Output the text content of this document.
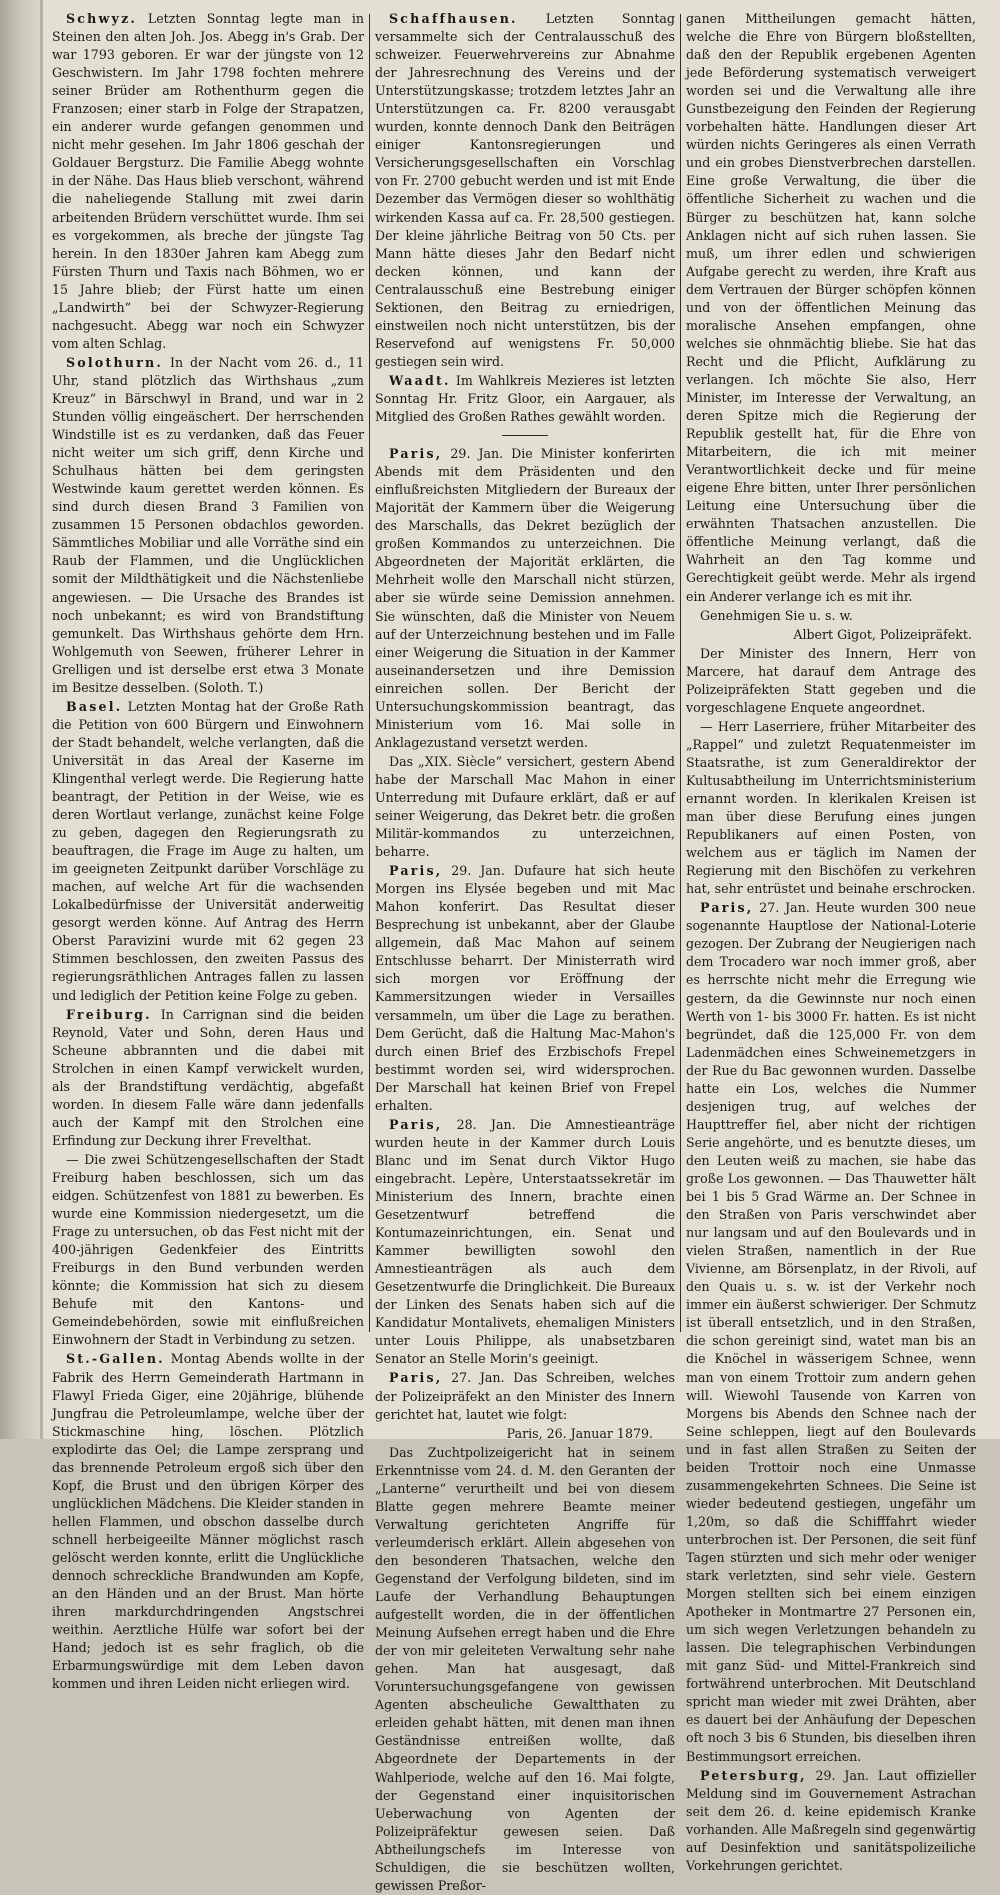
Schwyz. Letzten Sonntag legte man in Steinen den alten Joh. Jos. Abegg in's Grab. Der war 1793 geboren. Er war der jüngste von 12 Geschwistern. Im Jahr 1798 fochten mehrere seiner Brüder am Rothenthurm gegen die Franzosen; einer starb in Folge der Strapatzen, ein anderer wurde gefangen genommen und nicht mehr gesehen. Im Jahr 1806 geschah der Goldauer Bergsturz. Die Familie Abegg wohnte in der Nähe. Das Haus blieb verschont, während die naheliegende Stallung mit zwei darin arbeitenden Brüdern verschüttet wurde. Ihm sei es vorgekommen, als breche der jüngste Tag herein. In den 1830er Jahren kam Abegg zum Fürsten Thurn und Taxis nach Böhmen, wo er 15 Jahre blieb; der Fürst hatte um einen „Landwirth“ bei der Schwyzer-Regierung nachgesucht. Abegg war noch ein Schwyzer vom alten Schlag.

Solothurn. In der Nacht vom 26. d., 11 Uhr, stand plötzlich das Wirthshaus „zum Kreuz“ in Bärschwyl in Brand, und war in 2 Stunden völlig eingeäschert. Der herrschenden Windstille ist es zu verdanken, daß das Feuer nicht weiter um sich griff, denn Kirche und Schulhaus hätten bei dem geringsten Westwinde kaum gerettet werden können. Es sind durch diesen Brand 3 Familien von zusammen 15 Personen obdachlos geworden. Sämmtliches Mobiliar und alle Vorräthe sind ein Raub der Flammen, und die Unglücklichen somit der Mildthätigkeit und die Nächstenliebe angewiesen. — Die Ursache des Brandes ist noch unbekannt; es wird von Brandstiftung gemunkelt. Das Wirthshaus gehörte dem Hrn. Wohlgemuth von Seewen, früherer Lehrer in Grelligen und ist derselbe erst etwa 3 Monate im Besitze desselben. (Soloth. T.)

Basel. Letzten Montag hat der Große Rath die Petition von 600 Bürgern und Einwohnern der Stadt behandelt, welche verlangten, daß die Universität in das Areal der Kaserne im Klingenthal verlegt werde. Die Regierung hatte beantragt, der Petition in der Weise, wie es deren Wortlaut verlange, zunächst keine Folge zu geben, dagegen den Regierungsrath zu beauftragen, die Frage im Auge zu halten, um im geeigneten Zeitpunkt darüber Vorschläge zu machen, auf welche Art für die wachsenden Lokalbedürfnisse der Universität anderweitig gesorgt werden könne. Auf Antrag des Herrn Oberst Paravizini wurde mit 62 gegen 23 Stimmen beschlossen, den zweiten Passus des regierungsräthlichen Antrages fallen zu lassen und lediglich der Petition keine Folge zu geben.

Freiburg. In Carrignan sind die beiden Reynold, Vater und Sohn, deren Haus und Scheune abbrannten und die dabei mit Strolchen in einen Kampf verwickelt wurden, als der Brandstiftung verdächtig, abgefaßt worden. In diesem Falle wäre dann jedenfalls auch der Kampf mit den Strolchen eine Erfindung zur Deckung ihrer Frevelthat.

— Die zwei Schützengesellschaften der Stadt Freiburg haben beschlossen, sich um das eidgen. Schützenfest von 1881 zu bewerben. Es wurde eine Kommission niedergesetzt, um die Frage zu untersuchen, ob das Fest nicht mit der 400-jährigen Gedenkfeier des Eintritts Freiburgs in den Bund verbunden werden könnte; die Kommission hat sich zu diesem Behufe mit den Kantons- und Gemeindebehörden, sowie mit einflußreichen Einwohnern der Stadt in Verbindung zu setzen.

St.-Gallen. Montag Abends wollte in der Fabrik des Herrn Gemeinderath Hartmann in Flawyl Frieda Giger, eine 20jährige, blühende Jungfrau die Petroleumlampe, welche über der Stickmaschine hing, löschen. Plötzlich explodirte das Oel; die Lampe zersprang und das brennende Petroleum ergoß sich über den Kopf, die Brust und den übrigen Körper des unglücklichen Mädchens. Die Kleider standen in hellen Flammen, und obschon dasselbe durch schnell herbeigeeilte Männer möglichst rasch gelöscht werden konnte, erlitt die Unglückliche dennoch schreckliche Brandwunden am Kopfe, an den Händen und an der Brust. Man hörte ihren markdurchdringenden Angstschrei weithin. Aerztliche Hülfe war sofort bei der Hand; jedoch ist es sehr fraglich, ob die Erbarmungswürdige mit dem Leben davon kommen und ihren Leiden nicht erliegen wird.

Schaffhausen. Letzten Sonntag versammelte sich der Centralausschuß des schweizer. Feuerwehrvereins zur Abnahme der Jahresrechnung des Vereins und der Unterstützungskasse; trotzdem letztes Jahr an Unterstützungen ca. Fr. 8200 verausgabt wurden, konnte dennoch Dank den Beiträgen einiger Kantonsregierungen und Versicherungsgesellschaften ein Vorschlag von Fr. 2700 gebucht werden und ist mit Ende Dezember das Vermögen dieser so wohlthätig wirkenden Kassa auf ca. Fr. 28,500 gestiegen. Der kleine jährliche Beitrag von 50 Cts. per Mann hätte dieses Jahr den Bedarf nicht decken können, und kann der Centralausschuß eine Bestrebung einiger Sektionen, den Beitrag zu erniedrigen, einstweilen noch nicht unterstützen, bis der Reservefond auf wenigstens Fr. 50,000 gestiegen sein wird.

Waadt. Im Wahlkreis Mezieres ist letzten Sonntag Hr. Fritz Gloor, ein Aargauer, als Mitglied des Großen Rathes gewählt worden.

Paris, 29. Jan. Die Minister konferirten Abends mit dem Präsidenten und den einflußreichsten Mitgliedern der Bureaux der Majorität der Kammern über die Weigerung des Marschalls, das Dekret bezüglich der großen Kommandos zu unterzeichnen. Die Abgeordneten der Majorität erklärten, die Mehrheit wolle den Marschall nicht stürzen, aber sie würde seine Demission annehmen. Sie wünschten, daß die Minister von Neuem auf der Unterzeichnung bestehen und im Falle einer Weigerung die Situation in der Kammer auseinandersetzen und ihre Demission einreichen sollen. Der Bericht der Untersuchungskommission beantragt, das Ministerium vom 16. Mai solle in Anklagezustand versetzt werden.

Das „XIX. Siècle“ versichert, gestern Abend habe der Marschall Mac Mahon in einer Unterredung mit Dufaure erklärt, daß er auf seiner Weigerung, das Dekret betr. die großen Militär-kommandos zu unterzeichnen, beharre.

Paris, 29. Jan. Dufaure hat sich heute Morgen ins Elysée begeben und mit Mac Mahon konferirt. Das Resultat dieser Besprechung ist unbekannt, aber der Glaube allgemein, daß Mac Mahon auf seinem Entschlusse beharrt. Der Ministerrath wird sich morgen vor Eröffnung der Kammersitzungen wieder in Versailles versammeln, um über die Lage zu berathen. Dem Gerücht, daß die Haltung Mac-Mahon's durch einen Brief des Erzbischofs Frepel bestimmt worden sei, wird widersprochen. Der Marschall hat keinen Brief von Frepel erhalten.

Paris, 28. Jan. Die Amnestieanträge wurden heute in der Kammer durch Louis Blanc und im Senat durch Viktor Hugo eingebracht. Lepère, Unterstaatssekretär im Ministerium des Innern, brachte einen Gesetzentwurf betreffend die Kontumazeinrichtungen, ein. Senat und Kammer bewilligten sowohl den Amnestieanträgen als auch dem Gesetzentwurfe die Dringlichkeit. Die Bureaux der Linken des Senats haben sich auf die Kandidatur Montalivets, ehemaligen Ministers unter Louis Philippe, als unabsetzbaren Senator an Stelle Morin's geeinigt.

Paris, 27. Jan. Das Schreiben, welches der Polizeipräfekt an den Minister des Innern gerichtet hat, lautet wie folgt:

Paris, 26. Januar 1879.

Das Zuchtpolizeigericht hat in seinem Erkenntnisse vom 24. d. M. den Geranten der „Lanterne“ verurtheilt und bei von diesem Blatte gegen mehrere Beamte meiner Verwaltung gerichteten Angriffe für verleumderisch erklärt. Allein abgesehen von den besonderen Thatsachen, welche den Gegenstand der Verfolgung bildeten, sind im Laufe der Verhandlung Behauptungen aufgestellt worden, die in der öffentlichen Meinung Aufsehen erregt haben und die Ehre der von mir geleiteten Verwaltung sehr nahe gehen. Man hat ausgesagt, daß Voruntersuchungsgefangene von gewissen Agenten abscheuliche Gewaltthaten zu erleiden gehabt hätten, mit denen man ihnen Geständnisse entreißen wollte, daß Abgeordnete der Departements in der Wahlperiode, welche auf den 16. Mai folgte, der Gegenstand einer inquisitorischen Ueberwachung von Agenten der Polizeipräfektur gewesen seien. Daß Abtheilungschefs im Interesse von Schuldigen, die sie beschützen wollten, gewissen Preßor-

ganen Mittheilungen gemacht hätten, welche die Ehre von Bürgern bloßstellten, daß den der Republik ergebenen Agenten jede Beförderung systematisch verweigert worden sei und die Verwaltung alle ihre Gunstbezeigung den Feinden der Regierung vorbehalten hätte. Handlungen dieser Art würden nichts Geringeres als einen Verrath und ein grobes Dienstverbrechen darstellen. Eine große Verwaltung, die über die öffentliche Sicherheit zu wachen und die Bürger zu beschützen hat, kann solche Anklagen nicht auf sich ruhen lassen. Sie muß, um ihrer edlen und schwierigen Aufgabe gerecht zu werden, ihre Kraft aus dem Vertrauen der Bürger schöpfen können und von der öffentlichen Meinung das moralische Ansehen empfangen, ohne welches sie ohnmächtig bliebe. Sie hat das Recht und die Pflicht, Aufklärung zu verlangen. Ich möchte Sie also, Herr Minister, im Interesse der Verwaltung, an deren Spitze mich die Regierung der Republik gestellt hat, für die Ehre von Mitarbeitern, die ich mit meiner Verantwortlichkeit decke und für meine eigene Ehre bitten, unter Ihrer persönlichen Leitung eine Untersuchung über die erwähnten Thatsachen anzustellen. Die öffentliche Meinung verlangt, daß die Wahrheit an den Tag komme und Gerechtigkeit geübt werde. Mehr als irgend ein Anderer verlange ich es mit ihr.

Genehmigen Sie u. s. w.

Albert Gigot, Polizeipräfekt.

Der Minister des Innern, Herr von Marcere, hat darauf dem Antrage des Polizeipräfekten Statt gegeben und die vorgeschlagene Enquete angeordnet.

— Herr Laserriere, früher Mitarbeiter des „Rappel“ und zuletzt Requatenmeister im Staatsrathe, ist zum Generaldirektor der Kultusabtheilung im Unterrichtsministerium ernannt worden. In klerikalen Kreisen ist man über diese Berufung eines jungen Republikaners auf einen Posten, von welchem aus er täglich im Namen der Regierung mit den Bischöfen zu verkehren hat, sehr entrüstet und beinahe erschrocken.

Paris, 27. Jan. Heute wurden 300 neue sogenannte Hauptlose der National-Loterie gezogen. Der Zubrang der Neugierigen nach dem Trocadero war noch immer groß, aber es herrschte nicht mehr die Erregung wie gestern, da die Gewinnste nur noch einen Werth von 1- bis 3000 Fr. hatten. Es ist nicht begründet, daß die 125,000 Fr. von dem Ladenmädchen eines Schweinemetzgers in der Rue du Bac gewonnen wurden. Dasselbe hatte ein Los, welches die Nummer desjenigen trug, auf welches der Haupttreffer fiel, aber nicht der richtigen Serie angehörte, und es benutzte dieses, um den Leuten weiß zu machen, sie habe das große Los gewonnen. — Das Thauwetter hält bei 1 bis 5 Grad Wärme an. Der Schnee in den Straßen von Paris verschwindet aber nur langsam und auf den Boulevards und in vielen Straßen, namentlich in der Rue Vivienne, am Börsenplatz, in der Rivoli, auf den Quais u. s. w. ist der Verkehr noch immer ein äußerst schwieriger. Der Schmutz ist überall entsetzlich, und in den Straßen, die schon gereinigt sind, watet man bis an die Knöchel in wässerigem Schnee, wenn man von einem Trottoir zum andern gehen will. Wiewohl Tausende von Karren von Morgens bis Abends den Schnee nach der Seine schleppen, liegt auf den Boulevards und in fast allen Straßen zu Seiten der beiden Trottoir noch eine Unmasse zusammengekehrten Schnees. Die Seine ist wieder bedeutend gestiegen, ungefähr um 1,20m, so daß die Schifffahrt wieder unterbrochen ist. Der Personen, die seit fünf Tagen stürzten und sich mehr oder weniger stark verletzten, sind sehr viele. Gestern Morgen stellten sich bei einem einzigen Apotheker in Montmartre 27 Personen ein, um sich wegen Verletzungen behandeln zu lassen. Die telegraphischen Verbindungen mit ganz Süd- und Mittel-Frankreich sind fortwährend unterbrochen. Mit Deutschland spricht man wieder mit zwei Drähten, aber es dauert bei der Anhäufung der Depeschen oft noch 3 bis 6 Stunden, bis dieselben ihren Bestimmungsort erreichen.

Petersburg, 29. Jan. Laut offizieller Meldung sind im Gouvernement Astrachan seit dem 26. d. keine epidemisch Kranke vorhanden. Alle Maßregeln sind gegenwärtig auf Desinfektion und sanitätspolizeiliche Vorkehrungen gerichtet.
